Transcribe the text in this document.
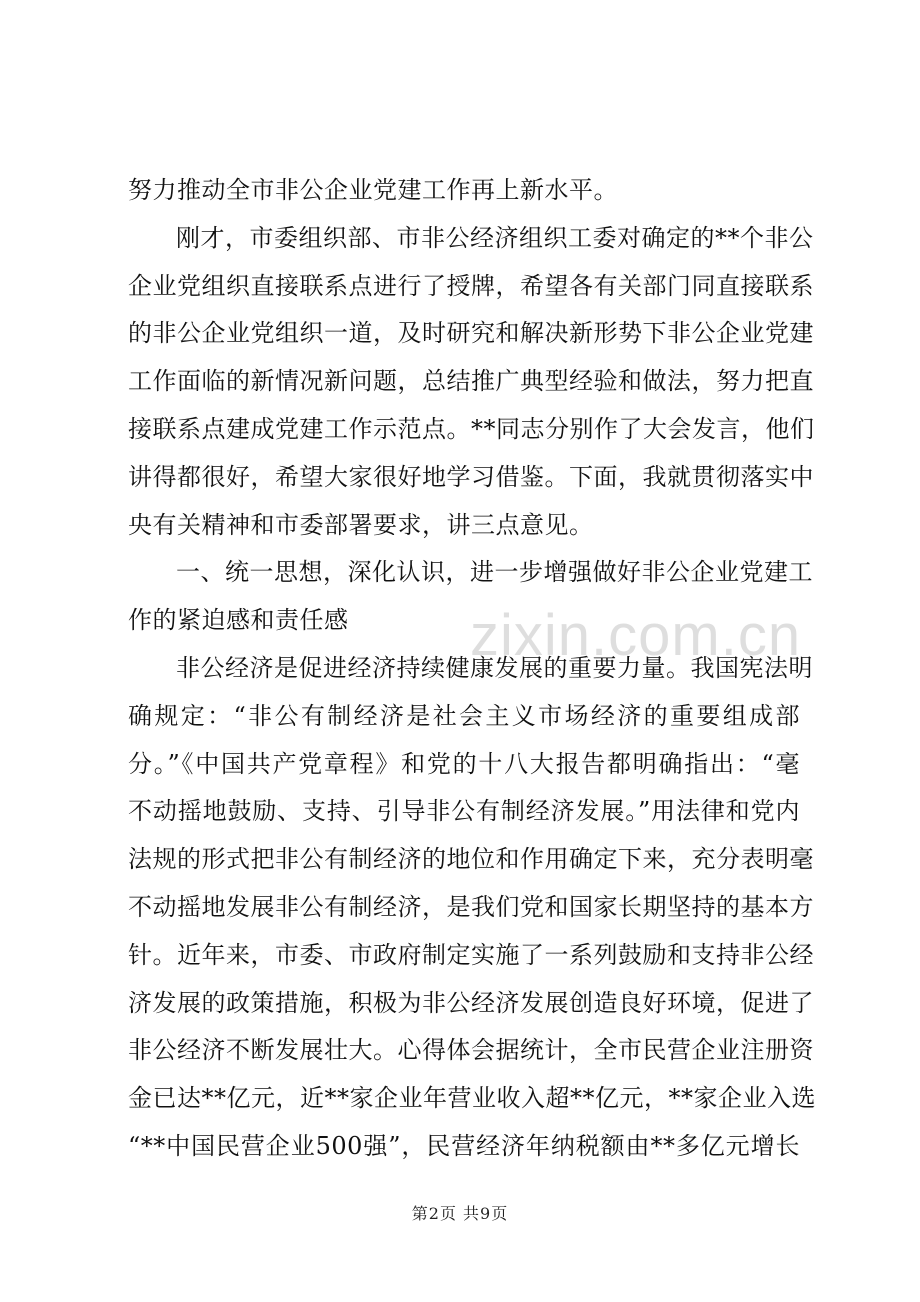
zixin.com.cn
努力推动全市非公企业党建工作再上新水平。
刚才，市委组织部、市非公经济组织工委对确定的**个非公
企业党组织直接联系点进行了授牌，希望各有关部门同直接联系
的非公企业党组织一道，及时研究和解决新形势下非公企业党建
工作面临的新情况新问题，总结推广典型经验和做法，努力把直
接联系点建成党建工作示范点。**同志分别作了大会发言，他们
讲得都很好，希望大家很好地学习借鉴。下面，我就贯彻落实中
央有关精神和市委部署要求，讲三点意见。
一、统一思想，深化认识，进一步增强做好非公企业党建工
作的紧迫感和责任感
非公经济是促进经济持续健康发展的重要力量。我国宪法明
确规定：“非公有制经济是社会主义市场经济的重要组成部
分。”《中国共产党章程》和党的十八大报告都明确指出：“毫
不动摇地鼓励、支持、引导非公有制经济发展。”用法律和党内
法规的形式把非公有制经济的地位和作用确定下来，充分表明毫
不动摇地发展非公有制经济，是我们党和国家长期坚持的基本方
针。近年来，市委、市政府制定实施了一系列鼓励和支持非公经
济发展的政策措施，积极为非公经济发展创造良好环境，促进了
非公经济不断发展壮大。心得体会据统计，全市民营企业注册资
金已达**亿元，近**家企业年营业收入超**亿元，**家企业入选
“**中国民营企业500强”，民营经济年纳税额由**多亿元增长
第2页 共9页
